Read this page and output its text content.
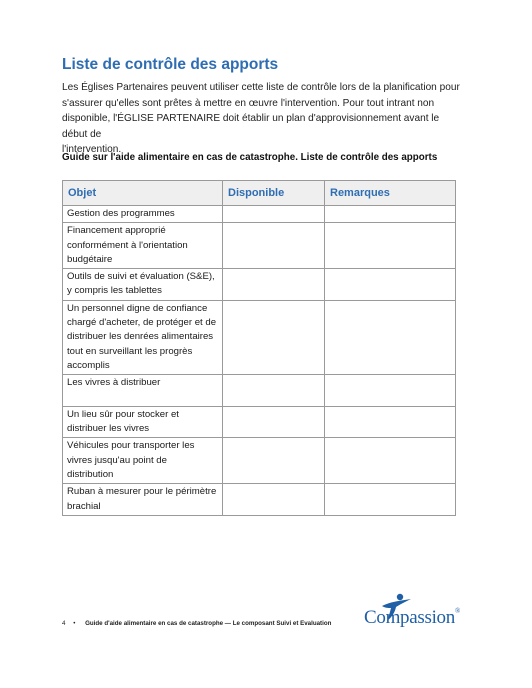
Liste de contrôle des apports
Les Églises Partenaires peuvent utiliser cette liste de contrôle lors de la planification pour
s'assurer qu'elles sont prêtes à mettre en œuvre l'intervention. Pour tout intrant non
disponible, l'ÉGLISE PARTENAIRE doit établir un plan d'approvisionnement avant le début de
l'intervention.
Guide sur l'aide alimentaire en cas de catastrophe. Liste de contrôle des apports
Objet	Disponible	Remarques

Gestion des programmes		

Financement approprié
conformément à l'orientation
budgétaire		

Outils de suivi et évaluation (S&E),
y compris les tablettes		

Un personnel digne de confiance
chargé d'acheter, de protéger et de
distribuer les denrées alimentaires
tout en surveillant les progrès
accomplis		

Les vivres à distribuer		

Un lieu sûr pour stocker et
distribuer les vivres		

Véhicules pour transporter les
vivres jusqu'au point de
distribution		

Ruban à mesurer pour le périmètre
brachial		

4 • Guide d'aide alimentaire en cas de catastrophe — Le composant Suivi et Evaluation Compassion®
